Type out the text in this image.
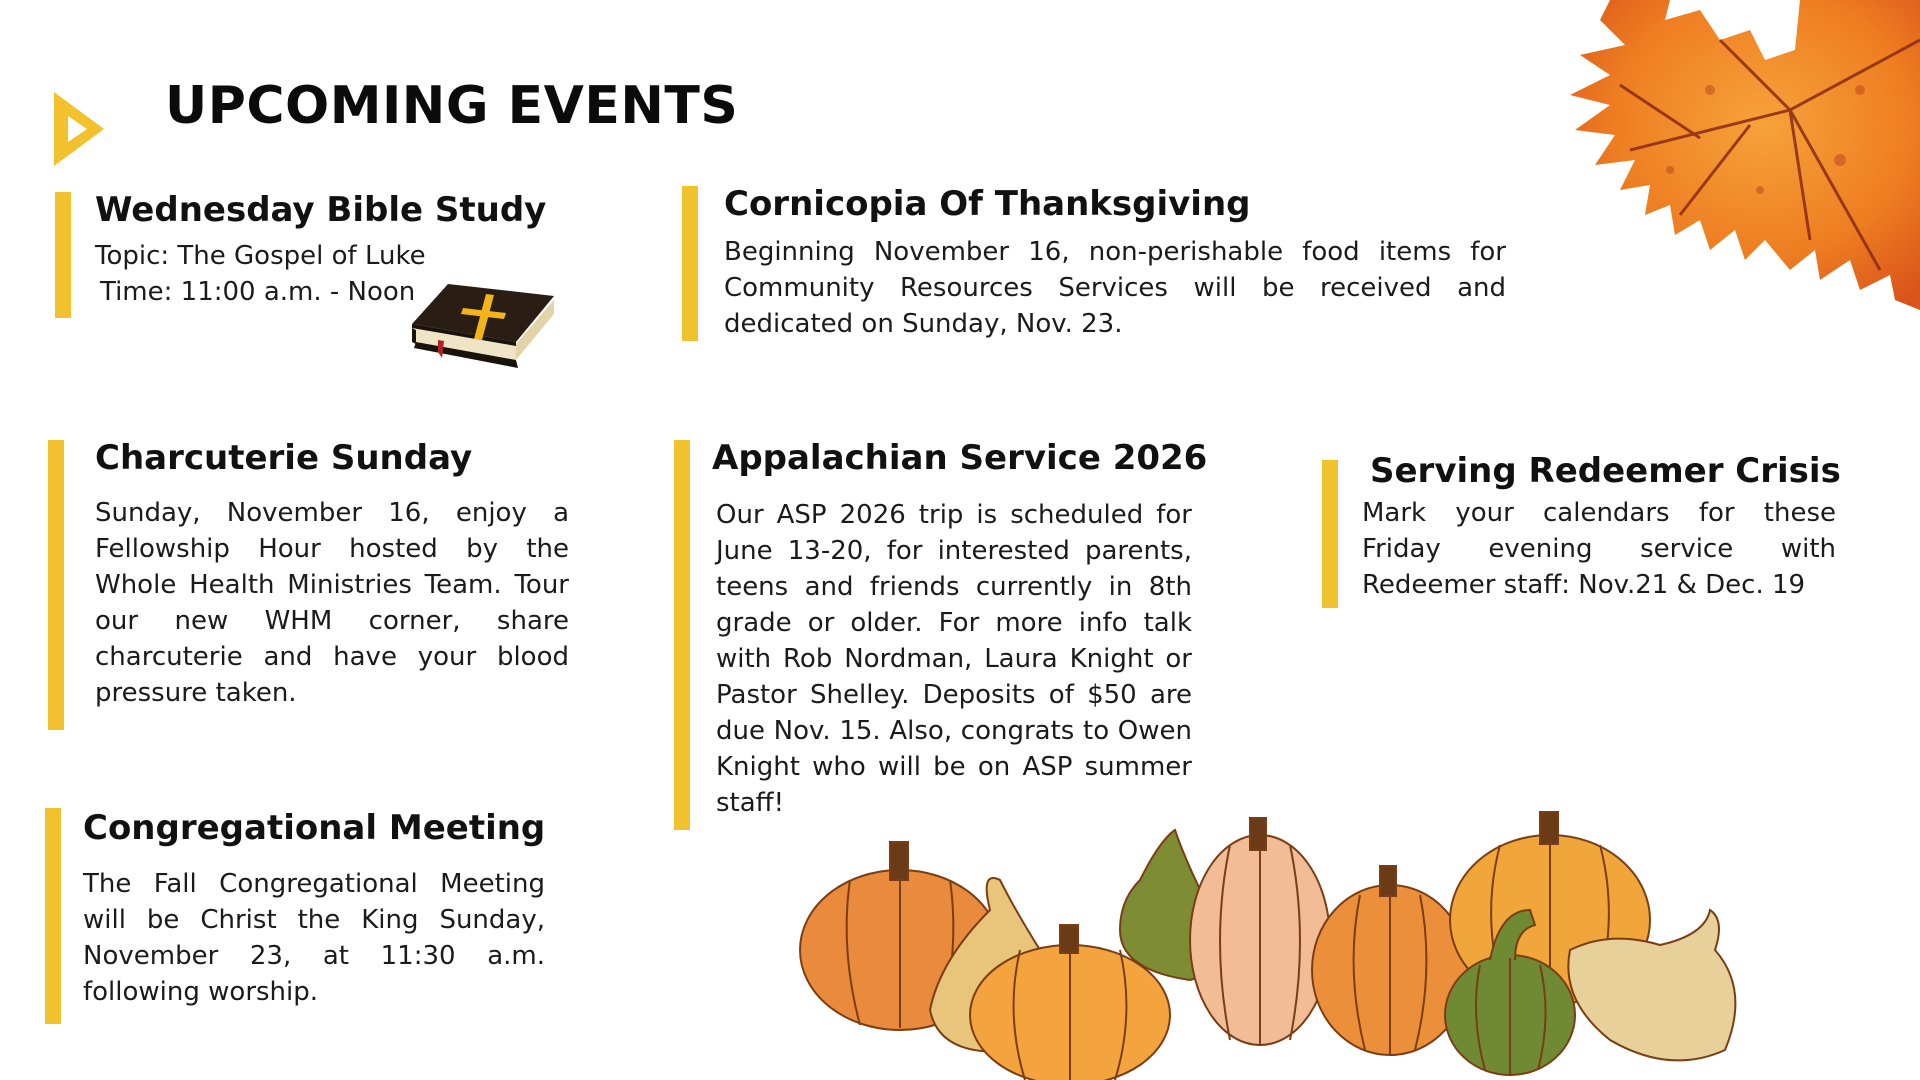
UPCOMING EVENTS
Wednesday Bible Study

Topic: The Gospel of Luke

Time: 11:00 a.m. - Noon

Cornicopia Of Thanksgiving

Beginning November 16, non-perishable food items for Community Resources Services will be received and dedicated on Sunday, Nov. 23.

Charcuterie Sunday

Sunday, November 16, enjoy a Fellowship Hour hosted by the Whole Health Ministries Team. Tour our new WHM corner, share charcuterie and have your blood pressure taken.

Appalachian Service 2026

Our ASP 2026 trip is scheduled for June 13-20, for interested parents, teens and friends currently in 8th grade or older. For more info talk with Rob Nordman, Laura Knight or Pastor Shelley. Deposits of $50 are due Nov. 15. Also, congrats to Owen Knight who will be on ASP summer staff!

Serving Redeemer Crisis

Mark your calendars for these Friday evening service with Redeemer staff: Nov.21 & Dec. 19

Congregational Meeting

The Fall Congregational Meeting will be Christ the King Sunday, November 23, at 11:30 a.m. following worship.
